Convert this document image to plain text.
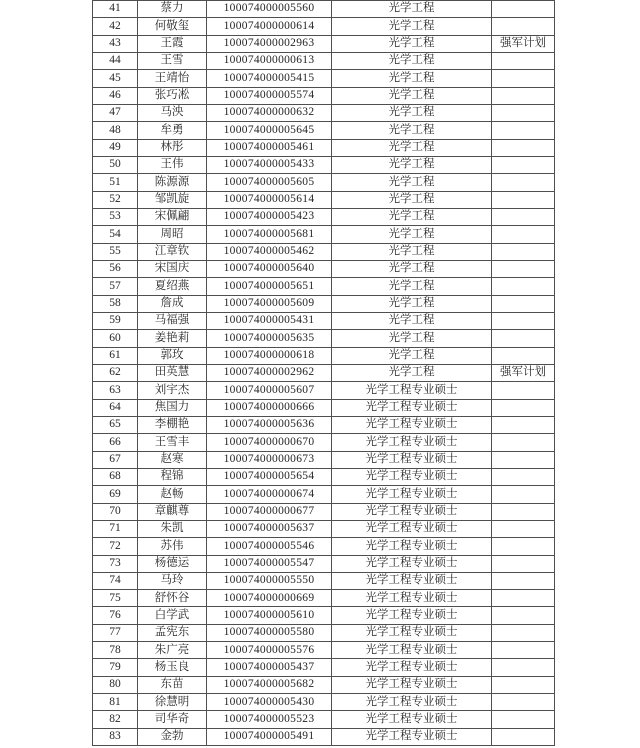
41	蔡力	100074000005560	光学工程	
42	何敬玺	100074000000614	光学工程	
43	王霞	100074000002963	光学工程	强军计划
44	王雪	100074000000613	光学工程	
45	王靖怡	100074000005415	光学工程	
46	张巧凇	100074000005574	光学工程	
47	马泱	100074000000632	光学工程	
48	牟勇	100074000005645	光学工程	
49	林彤	100074000005461	光学工程	
50	王伟	100074000005433	光学工程	
51	陈源源	100074000005605	光学工程	
52	邹凯旋	100074000005614	光学工程	
53	宋佩翩	100074000005423	光学工程	
54	周昭	100074000005681	光学工程	
55	江章钦	100074000005462	光学工程	
56	宋国庆	100074000005640	光学工程	
57	夏绍燕	100074000005651	光学工程	
58	詹成	100074000005609	光学工程	
59	马福强	100074000005431	光学工程	
60	姜艳莉	100074000005635	光学工程	
61	郭玫	100074000000618	光学工程	
62	田英慧	100074000002962	光学工程	强军计划
63	刘宇杰	100074000005607	光学工程专业硕士	
64	焦国力	100074000000666	光学工程专业硕士	
65	李棚艳	100074000005636	光学工程专业硕士	
66	王雪丰	100074000000670	光学工程专业硕士	
67	赵寒	100074000000673	光学工程专业硕士	
68	程锦	100074000005654	光学工程专业硕士	
69	赵畅	100074000000674	光学工程专业硕士	
70	章麒尊	100074000000677	光学工程专业硕士	
71	朱凯	100074000005637	光学工程专业硕士	
72	苏伟	100074000005546	光学工程专业硕士	
73	杨德运	100074000005547	光学工程专业硕士	
74	马玲	100074000005550	光学工程专业硕士	
75	舒怀谷	100074000000669	光学工程专业硕士	
76	白学武	100074000005610	光学工程专业硕士	
77	孟宪东	100074000005580	光学工程专业硕士	
78	朱广亮	100074000005576	光学工程专业硕士	
79	杨玉良	100074000005437	光学工程专业硕士	
80	东苗	100074000005682	光学工程专业硕士	
81	徐慧明	100074000005430	光学工程专业硕士	
82	司华奇	100074000005523	光学工程专业硕士	
83	金勃	100074000005491	光学工程专业硕士	
